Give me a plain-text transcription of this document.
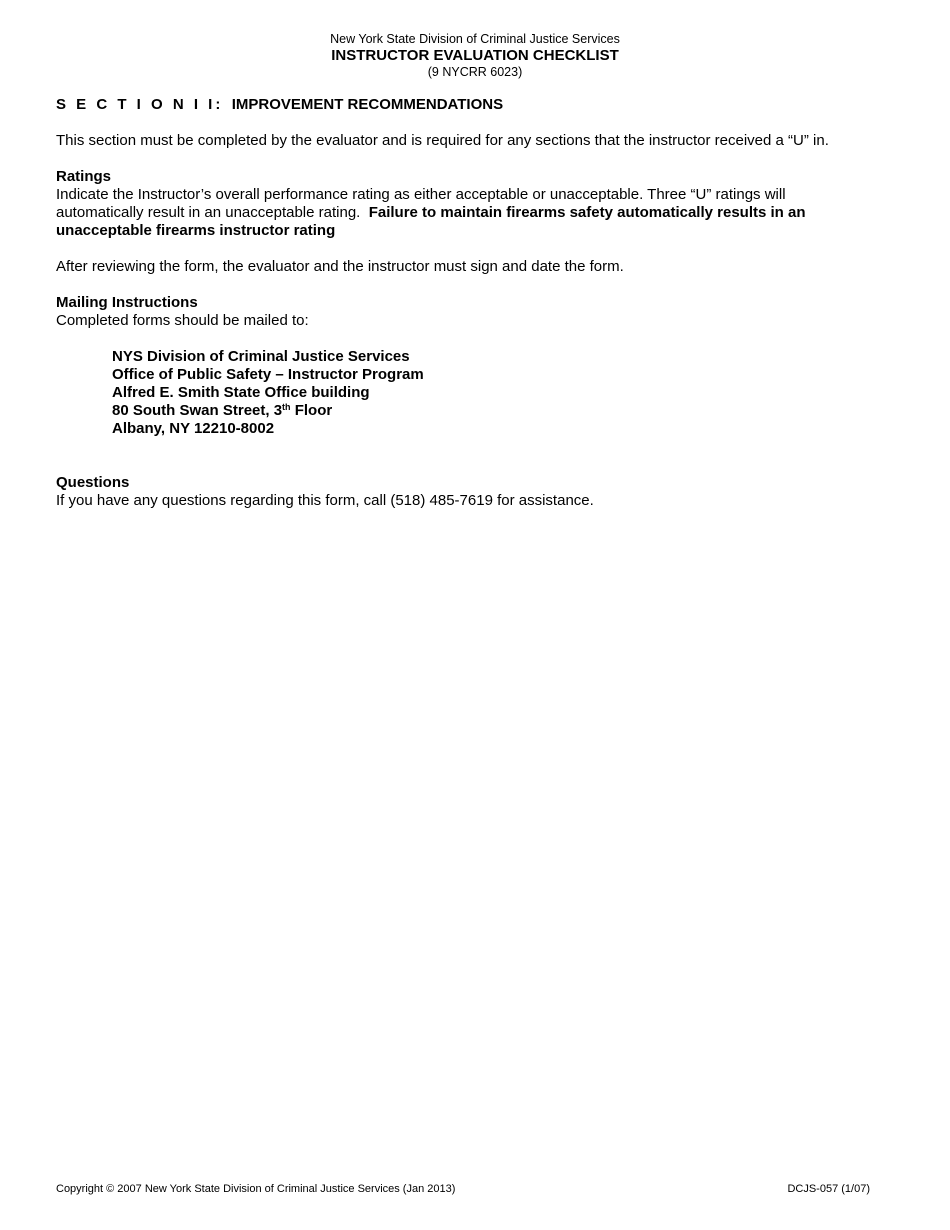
New York State Division of Criminal Justice Services
INSTRUCTOR EVALUATION CHECKLIST
(9 NYCRR 6023)
S E C T I O N I I: IMPROVEMENT RECOMMENDATIONS

This section must be completed by the evaluator and is required for any sections that the instructor received a “U” in.

Ratings

Indicate the Instructor’s overall performance rating as either acceptable or unacceptable. Three “U” ratings will automatically result in an unacceptable rating. Failure to maintain firearms safety automatically results in an unacceptable firearms instructor rating

After reviewing the form, the evaluator and the instructor must sign and date the form.

Mailing Instructions

Completed forms should be mailed to:

NYS Division of Criminal Justice Services
Office of Public Safety – Instructor Program
Alfred E. Smith State Office building
80 South Swan Street, 3th Floor
Albany, NY 12210-8002
Questions

If you have any questions regarding this form, call (518) 485-7619 for assistance.

Copyright © 2007 New York State Division of Criminal Justice Services (Jan 2013)	DCJS-057 (1/07)
